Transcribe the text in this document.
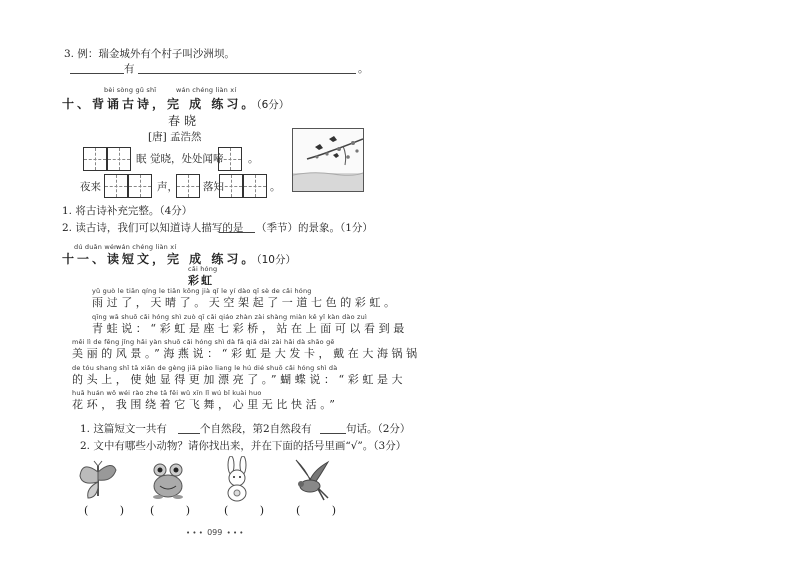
3. 例：瑞金城外有个村子叫沙洲坝。
有	。
bèi sòng gǔ shī	wán chéng liàn xí
十、背诵古诗，完 成 练习。（6分）
春晓
[唐] 孟浩然
眠 觉晓，处处闻啼 。
夜来	声， 落知	。
1. 将古诗补充完整。（4分）
2. 读古诗，我们可以知道诗人描写的是 （季节）的景象。（1分）
dú duǎn wén
wán chéng liàn xí
十一、读短文，完 成 练习。（10分）
cǎi hóng
彩虹
yǔ guò le tiān qíng le tiān kōng jià qǐ le yí dào qī sè de cǎi hóng
雨过了，天晴了。天空架起了一道七色的彩虹。
qīng wā shuō cǎi hóng shì zuò qī cǎi qiáo zhàn zài shàng miàn kě yǐ kàn dào zuì
青蛙说：“彩虹是座七彩桥，站在上面可以看到最
měi lì de fēng jǐng hǎi yàn shuō cǎi hóng shì dà fā qiǎ dài zài hǎi dà shāo gē
美丽的风景。”海燕说：“彩虹是大发卡，戴在大海锅锅
de tóu shang shǐ tā xiǎn de gèng jiā piào liang le hú dié shuō cǎi hóng shì dà
的头上，使她显得更加漂亮了。”蝴蝶说：“彩虹是大
huā huán wǒ wéi rào zhe tā fēi wǔ xīn lǐ wú bǐ kuài huo
花环，我围绕着它飞舞，心里无比快活。”
1. 这篇短文一共有	个自然段，第2自然段有	句话。（2分）
2. 文中有哪些小动物？请你找出来，并在下面的括号里画“√”。（3分）
( ) ( ) ( ) ( )
• • • 099 • • •
